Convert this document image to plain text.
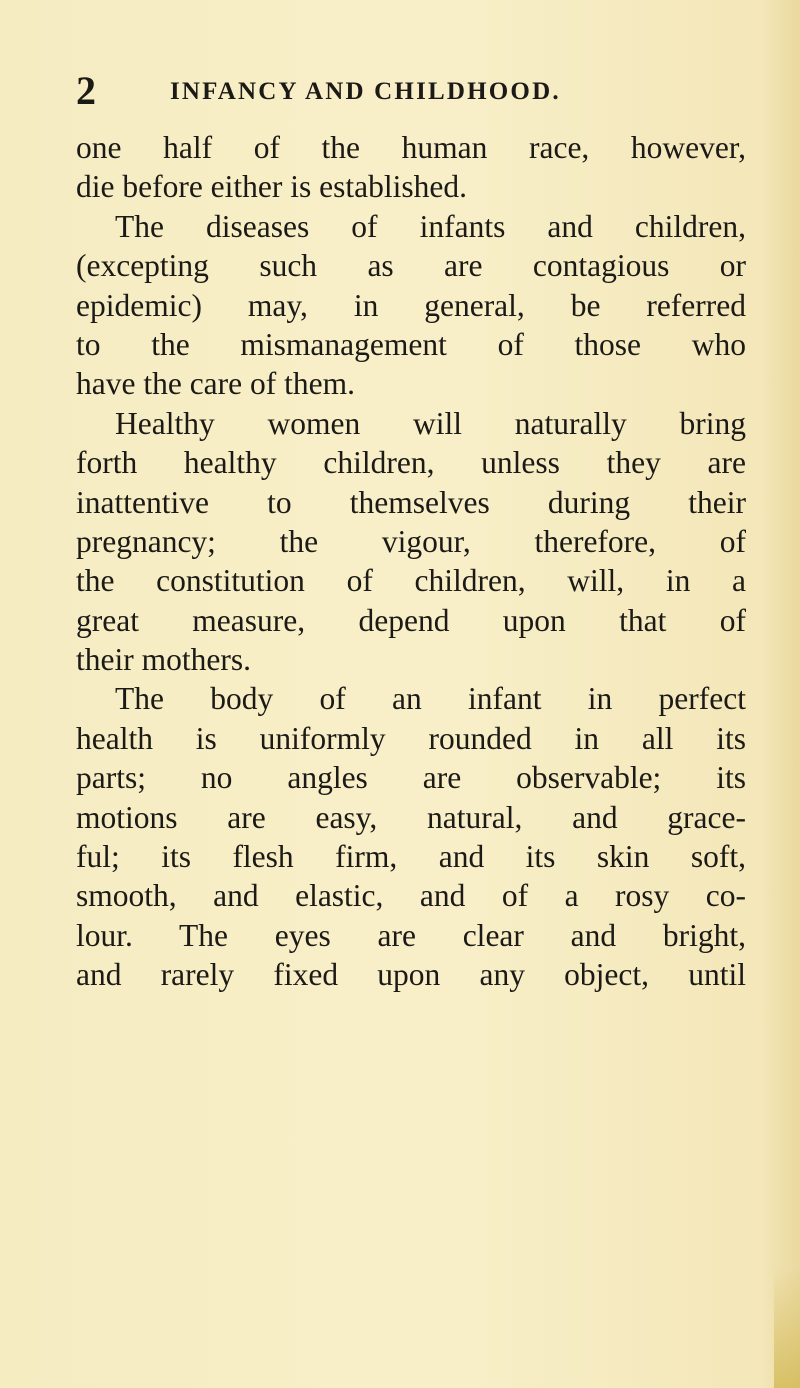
2	INFANCY AND CHILDHOOD.
one half of the human race, however,
die before either is established.
The diseases of infants and children,
(excepting such as are contagious or
epidemic) may, in general, be referred
to the mismanagement of those who
have the care of them.
Healthy women will naturally bring
forth healthy children, unless they are
inattentive to themselves during their
pregnancy; the vigour, therefore, of
the constitution of children, will, in a
great measure, depend upon that of
their mothers.
The body of an infant in perfect
health is uniformly rounded in all its
parts; no angles are observable; its
motions are easy, natural, and grace-
ful; its flesh firm, and its skin soft,
smooth, and elastic, and of a rosy co-
lour. The eyes are clear and bright,
and rarely fixed upon any object, until
